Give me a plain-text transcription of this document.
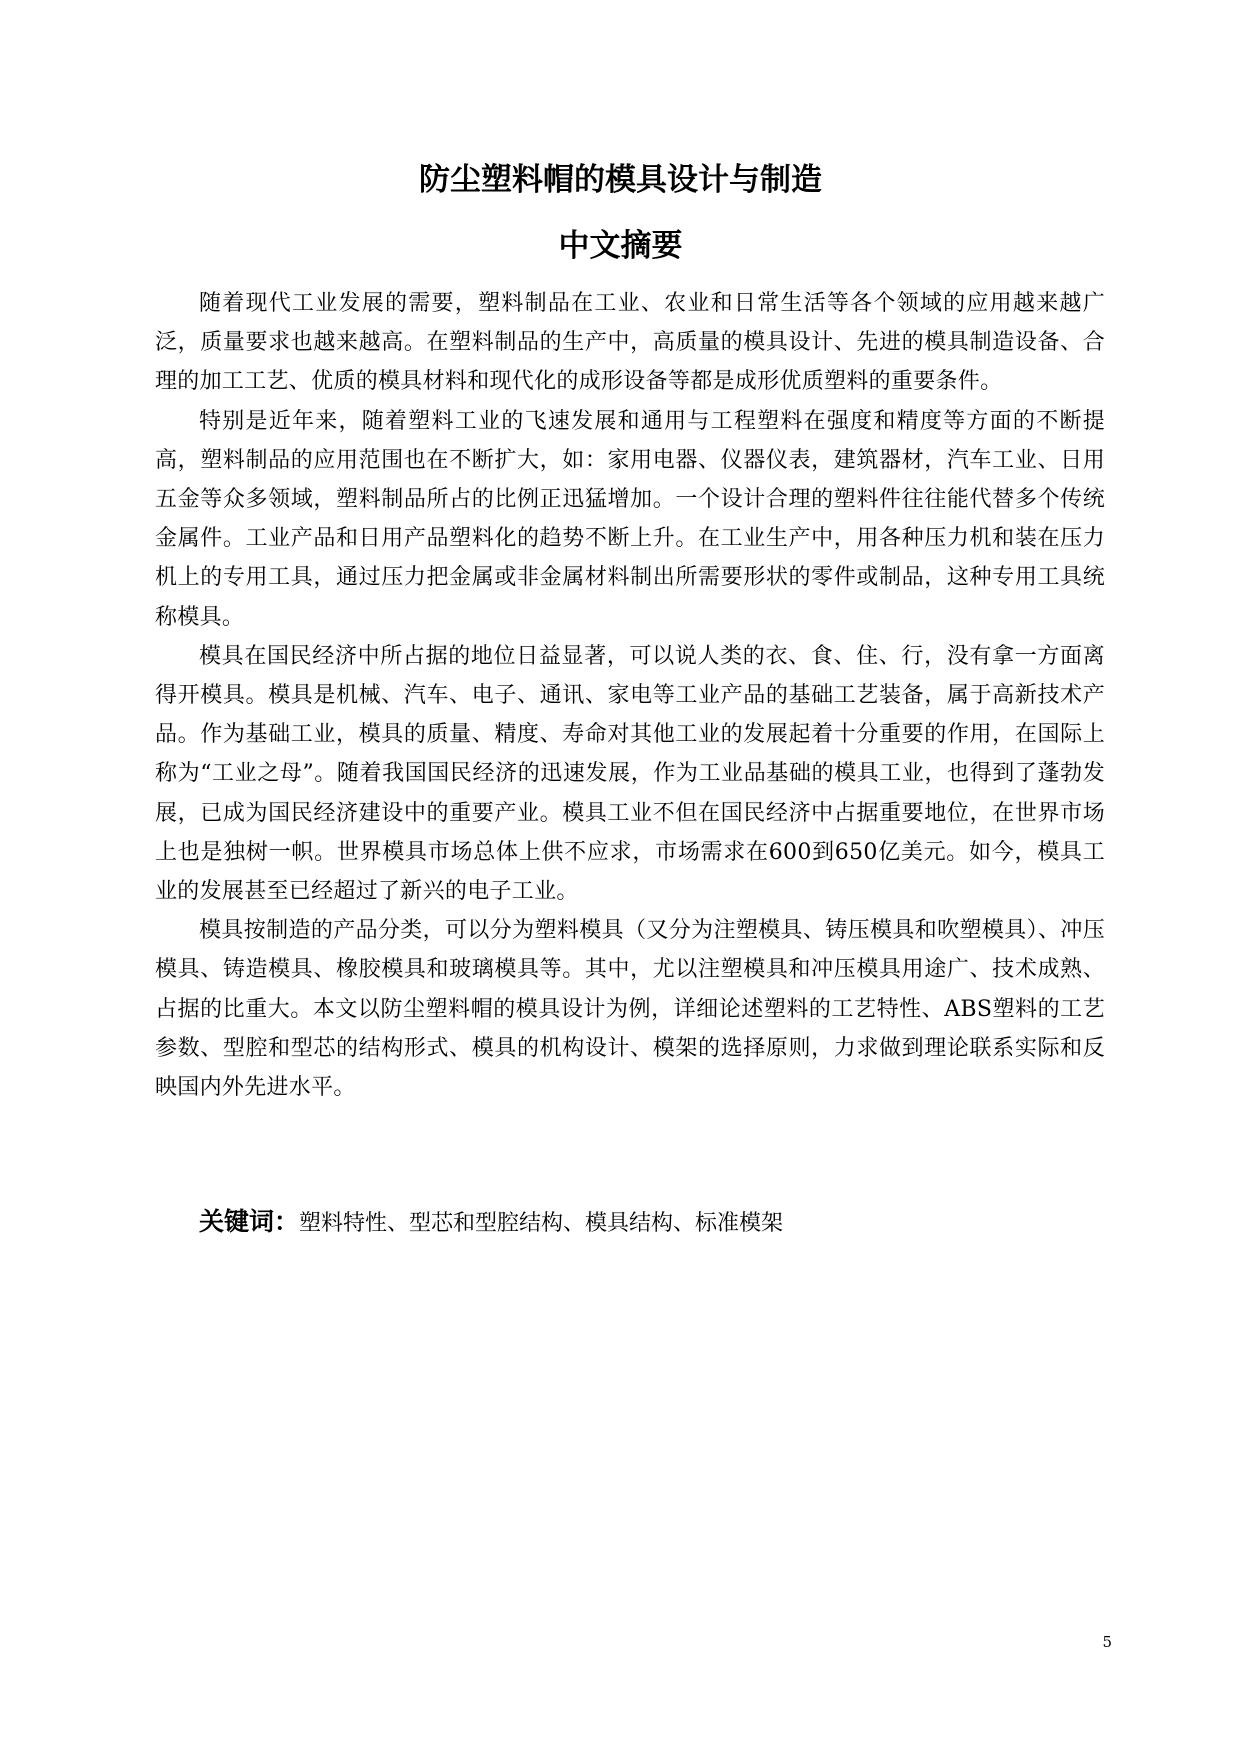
防尘塑料帽的模具设计与制造
中文摘要

随着现代工业发展的需要，塑料制品在工业、农业和日常生活等各个领域的应用越来越广泛，质量要求也越来越高。在塑料制品的生产中，高质量的模具设计、先进的模具制造设备、合理的加工工艺、优质的模具材料和现代化的成形设备等都是成形优质塑料的重要条件。

特别是近年来，随着塑料工业的飞速发展和通用与工程塑料在强度和精度等方面的不断提高，塑料制品的应用范围也在不断扩大，如：家用电器、仪器仪表，建筑器材，汽车工业、日用五金等众多领域，塑料制品所占的比例正迅猛增加。一个设计合理的塑料件往往能代替多个传统金属件。工业产品和日用产品塑料化的趋势不断上升。在工业生产中，用各种压力机和装在压力机上的专用工具，通过压力把金属或非金属材料制出所需要形状的零件或制品，这种专用工具统称模具。

模具在国民经济中所占据的地位日益显著，可以说人类的衣、食、住、行，没有拿一方面离得开模具。模具是机械、汽车、电子、通讯、家电等工业产品的基础工艺装备，属于高新技术产品。作为基础工业，模具的质量、精度、寿命对其他工业的发展起着十分重要的作用，在国际上称为“工业之母”。随着我国国民经济的迅速发展，作为工业品基础的模具工业，也得到了蓬勃发展，已成为国民经济建设中的重要产业。模具工业不但在国民经济中占据重要地位，在世界市场上也是独树一帜。世界模具市场总体上供不应求，市场需求在600到650亿美元。如今，模具工业的发展甚至已经超过了新兴的电子工业。

模具按制造的产品分类，可以分为塑料模具（又分为注塑模具、铸压模具和吹塑模具）、冲压模具、铸造模具、橡胶模具和玻璃模具等。其中，尤以注塑模具和冲压模具用途广、技术成熟、占据的比重大。本文以防尘塑料帽的模具设计为例，详细论述塑料的工艺特性、ABS塑料的工艺参数、型腔和型芯的结构形式、模具的机构设计、模架的选择原则，力求做到理论联系实际和反映国内外先进水平。

关键词：塑料特性、型芯和型腔结构、模具结构、标准模架

5
